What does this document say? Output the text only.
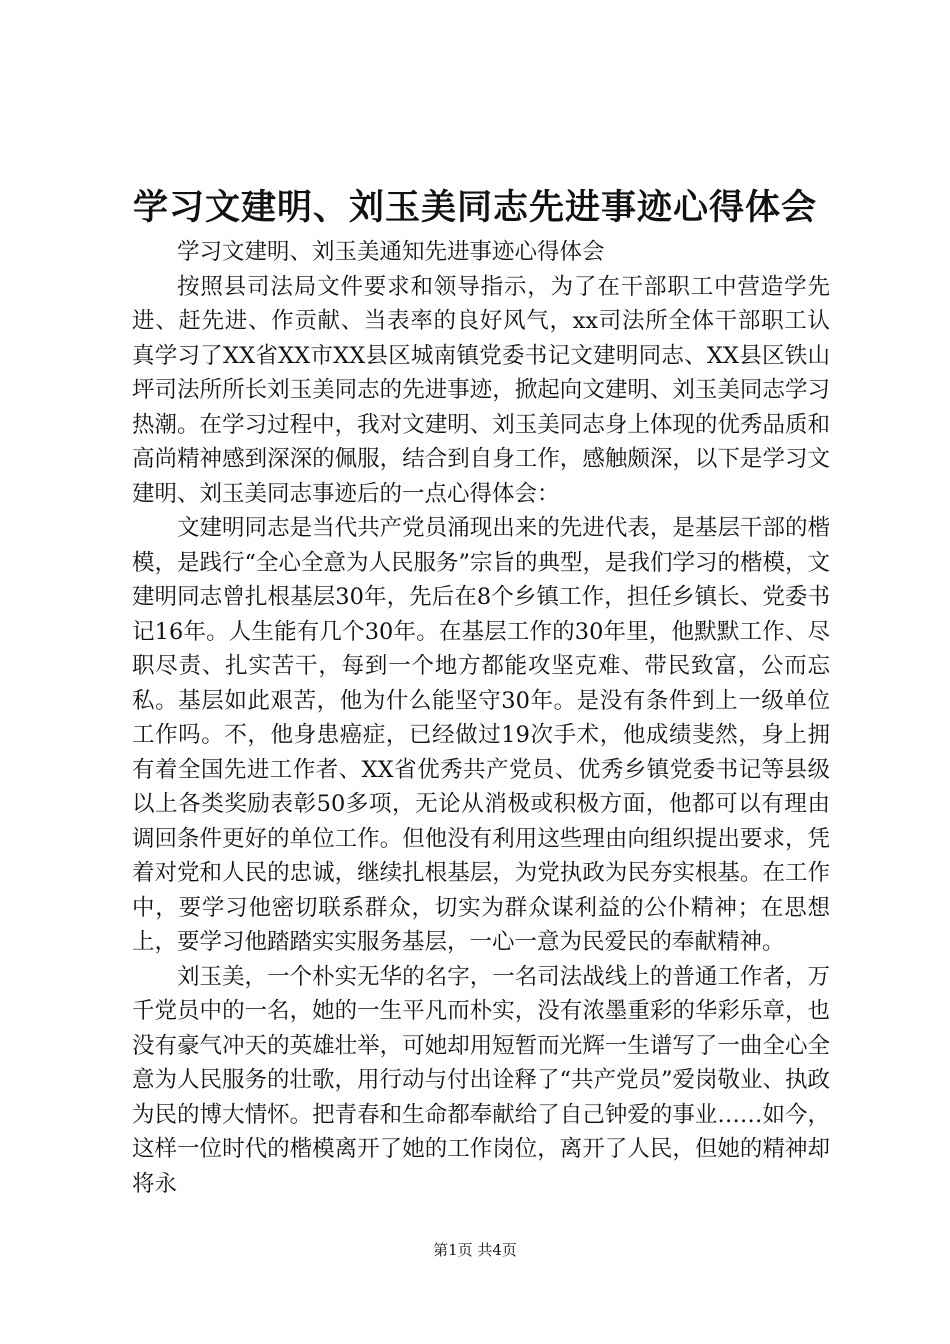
学习文建明、刘玉美同志先进事迹心得体会

学习文建明、刘玉美通知先进事迹心得体会

按照县司法局文件要求和领导指示，为了在干部职工中营造学先进、赶先进、作贡献、当表率的良好风气，xx司法所全体干部职工认真学习了XX省XX市XX县区城南镇党委书记文建明同志、XX县区铁山坪司法所所长刘玉美同志的先进事迹，掀起向文建明、刘玉美同志学习热潮。在学习过程中，我对文建明、刘玉美同志身上体现的优秀品质和高尚精神感到深深的佩服，结合到自身工作，感触颇深，以下是学习文建明、刘玉美同志事迹后的一点心得体会：

文建明同志是当代共产党员涌现出来的先进代表，是基层干部的楷模，是践行“全心全意为人民服务”宗旨的典型，是我们学习的楷模，文建明同志曾扎根基层30年，先后在8个乡镇工作，担任乡镇长、党委书记16年。人生能有几个30年。在基层工作的30年里，他默默工作、尽职尽责、扎实苦干，每到一个地方都能攻坚克难、带民致富，公而忘私。基层如此艰苦，他为什么能坚守30年。是没有条件到上一级单位工作吗。不，他身患癌症，已经做过19次手术，他成绩斐然，身上拥有着全国先进工作者、XX省优秀共产党员、优秀乡镇党委书记等县级以上各类奖励表彰50多项，无论从消极或积极方面，他都可以有理由调回条件更好的单位工作。但他没有利用这些理由向组织提出要求，凭着对党和人民的忠诚，继续扎根基层，为党执政为民夯实根基。在工作中，要学习他密切联系群众，切实为群众谋利益的公仆精神；在思想上，要学习他踏踏实实服务基层，一心一意为民爱民的奉献精神。

刘玉美，一个朴实无华的名字，一名司法战线上的普通工作者，万千党员中的一名，她的一生平凡而朴实，没有浓墨重彩的华彩乐章，也没有豪气冲天的英雄壮举，可她却用短暂而光辉一生谱写了一曲全心全意为人民服务的壮歌，用行动与付出诠释了“共产党员”爱岗敬业、执政为民的博大情怀。把青春和生命都奉献给了自己钟爱的事业……如今，这样一位时代的楷模离开了她的工作岗位，离开了人民，但她的精神却将永

第1页 共4页
